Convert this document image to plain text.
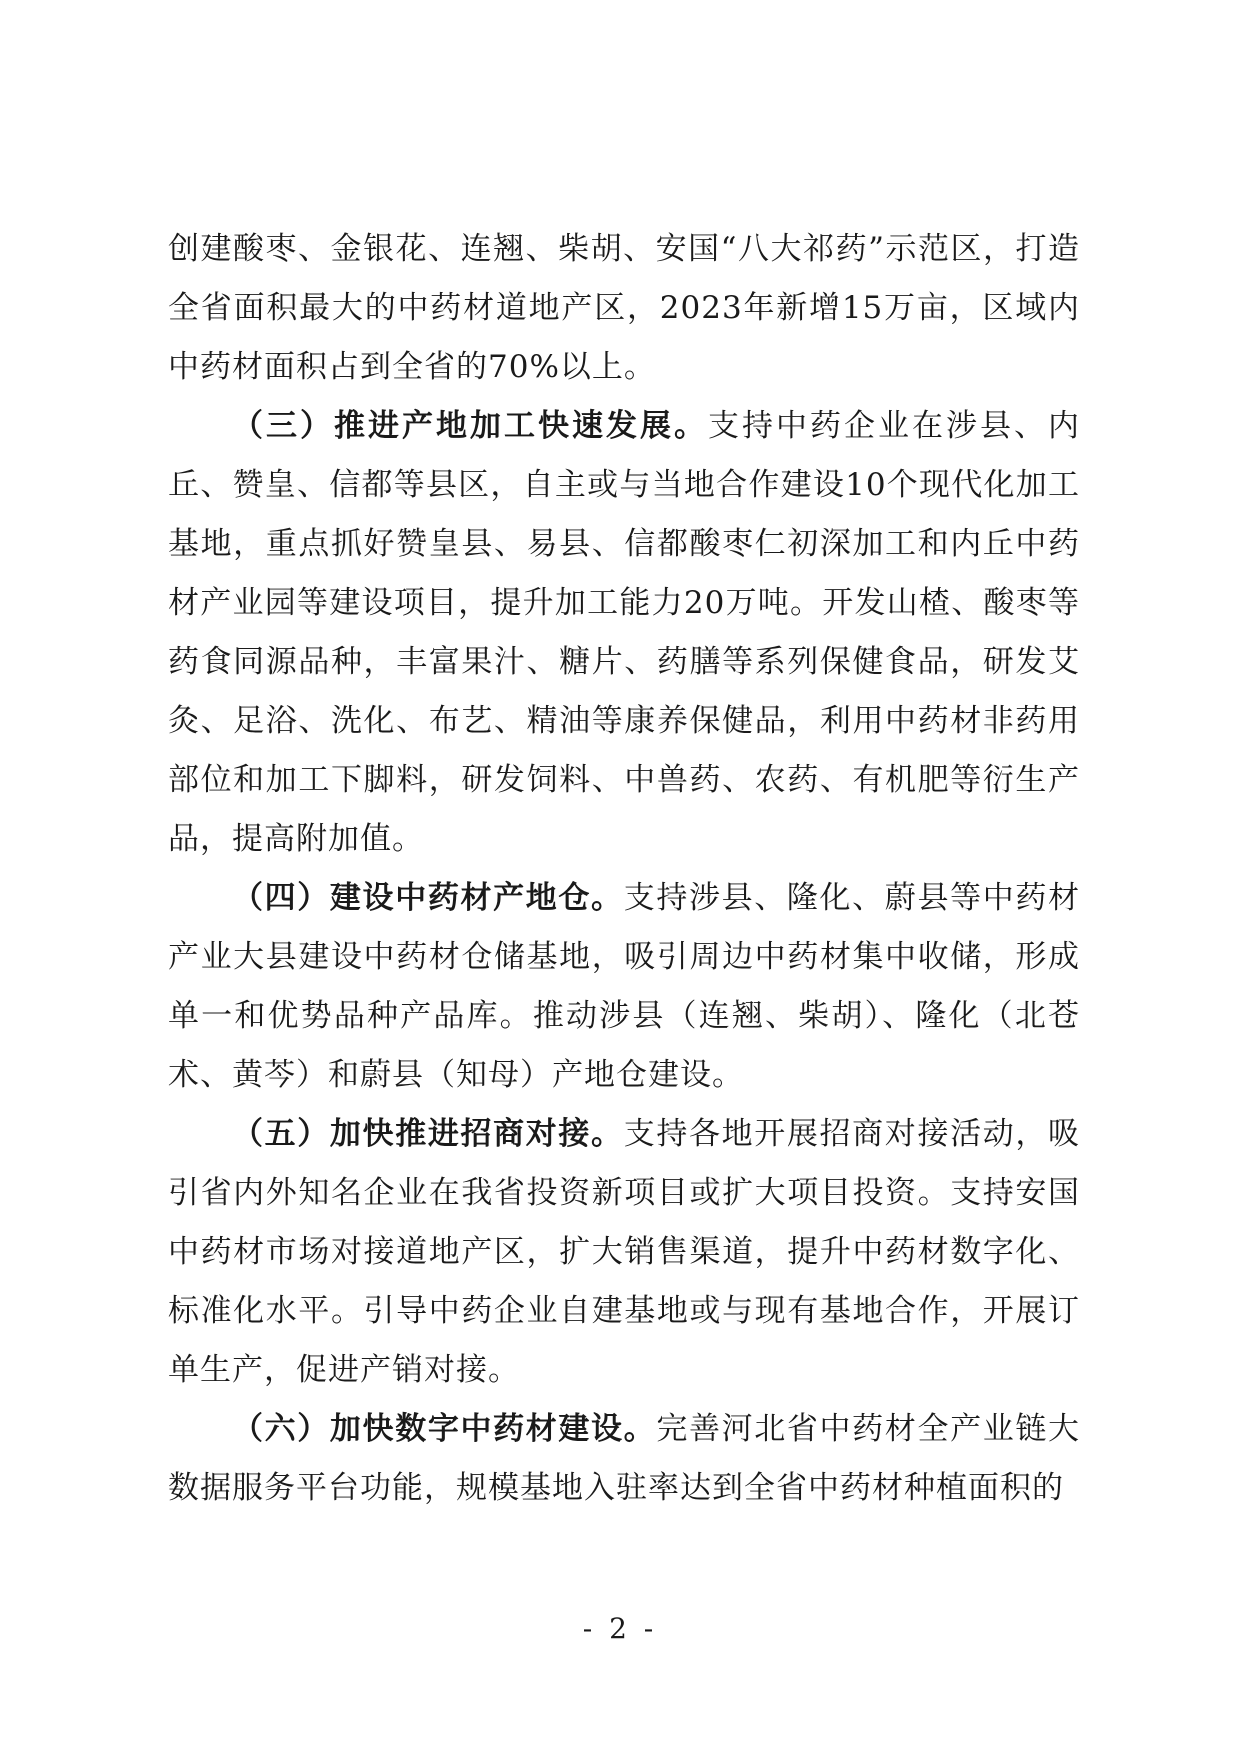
创建酸枣、金银花、连翘、柴胡、安国“八大祁药”示范区，打造全省面积最大的中药材道地产区，2023年新增15万亩，区域内中药材面积占到全省的70%以上。

（三）推进产地加工快速发展。支持中药企业在涉县、内丘、赞皇、信都等县区，自主或与当地合作建设10个现代化加工基地，重点抓好赞皇县、易县、信都酸枣仁初深加工和内丘中药材产业园等建设项目，提升加工能力20万吨。开发山楂、酸枣等药食同源品种，丰富果汁、糖片、药膳等系列保健食品，研发艾灸、足浴、洗化、布艺、精油等康养保健品，利用中药材非药用部位和加工下脚料，研发饲料、中兽药、农药、有机肥等衍生产品，提高附加值。

（四）建设中药材产地仓。支持涉县、隆化、蔚县等中药材产业大县建设中药材仓储基地，吸引周边中药材集中收储，形成单一和优势品种产品库。推动涉县（连翘、柴胡）、隆化（北苍术、黄芩）和蔚县（知母）产地仓建设。

（五）加快推进招商对接。支持各地开展招商对接活动，吸引省内外知名企业在我省投资新项目或扩大项目投资。支持安国中药材市场对接道地产区，扩大销售渠道，提升中药材数字化、标准化水平。引导中药企业自建基地或与现有基地合作，开展订单生产，促进产销对接。

（六）加快数字中药材建设。完善河北省中药材全产业链大数据服务平台功能，规模基地入驻率达到全省中药材种植面积的

- 2 -
